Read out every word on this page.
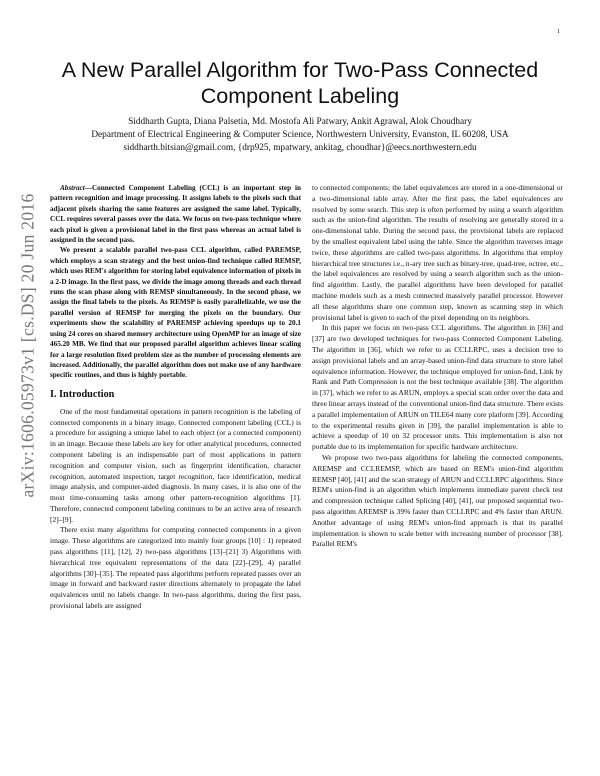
1
arXiv:1606.05973v1 [cs.DS] 20 Jun 2016
A New Parallel Algorithm for Two-Pass Connected Component Labeling
Siddharth Gupta, Diana Palsetia, Md. Mostofa Ali Patwary, Ankit Agrawal, Alok Choudhary
Department of Electrical Engineering & Computer Science, Northwestern University, Evanston, IL 60208, USA
siddharth.bitsian@gmail.com, {drp925, mpatwary, ankitag, choudhar}@eecs.northwestern.edu

Abstract—Connected Component Labeling (CCL) is an important step in pattern recognition and image processing. It assigns labels to the pixels such that adjacent pixels sharing the same features are assigned the same label. Typically, CCL requires several passes over the data. We focus on two-pass technique where each pixel is given a provisional label in the first pass whereas an actual label is assigned in the second pass.

We present a scalable parallel two-pass CCL algorithm, called PAREMSP, which employs a scan strategy and the best union-find technique called REMSP, which uses REM's algorithm for storing label equivalence information of pixels in a 2-D image. In the first pass, we divide the image among threads and each thread runs the scan phase along with REMSP simultaneously. In the second phase, we assign the final labels to the pixels. As REMSP is easily parallelizable, we use the parallel version of REMSP for merging the pixels on the boundary. Our experiments show the scalability of PAREMSP achieving speedups up to 20.1 using 24 cores on shared memory architecture using OpenMP for an image of size 465.20 MB. We find that our proposed parallel algorithm achieves linear scaling for a large resolution fixed problem size as the number of processing elements are increased. Additionally, the parallel algorithm does not make use of any hardware specific routines, and thus is highly portable.

I. Introduction

One of the most fundamental operations in pattern recognition is the labeling of connected components in a binary image. Connected component labeling (CCL) is a procedure for assigning a unique label to each object (or a connected component) in an image. Because these labels are key for other analytical procedures, connected component labeling is an indispensable part of most applications in pattern recognition and computer vision, such as fingerprint identification, character recognition, automated inspection, target recognition, face identification, medical image analysis, and computer-aided diagnosis. In many cases, it is also one of the most time-consuming tasks among other pattern-recognition algorithms [1]. Therefore, connected component labeling continues to be an active area of research [2]–[9].

There exist many algorithms for computing connected components in a given image. These algorithms are categorized into mainly four groups [10] : 1) repeated pass algorithms [11], [12], 2) two-pass algorithms [13]–[21] 3) Algorithms with hierarchical tree equivalent representations of the data [22]–[29], 4) parallel algorithms [30]–[35]. The repeated pass algorithms perform repeated passes over an image in forward and backward raster directions alternately to propagate the label equivalences until no labels change. In two-pass algorithms, during the first pass, provisional labels are assigned

to connected components; the label equivalences are stored in a one-dimensional or a two-dimensional table array. After the first pass, the label equivalences are resolved by some search. This step is often performed by using a search algorithm such as the union-find algorithm. The results of resolving are generally stored in a one-dimensional table. During the second pass, the provisional labels are replaced by the smallest equivalent label using the table. Since the algorithm traverses image twice, these algorithms are called two-pass algorithms. In algorithms that employ hierarchical tree structures i.e., n-ary tree such as binary-tree, quad-tree, octree, etc., the label equivalences are resolved by using a search algorithm such as the union-find algorithm. Lastly, the parallel algorithms have been developed for parallel machine models such as a mesh connected massively parallel processor. However all these algorithms share one common step, known as scanning step in which provisional label is given to each of the pixel depending on its neighbors.

In this paper we focus on two-pass CCL algorithms. The algorithm in [36] and [37] are two developed techniques for two-pass Connected Component Labeling. The algorithm in [36], which we refer to as CCLLRPC, uses a decision tree to assign provisional labels and an array-based union-find data structure to store label equivalence information. However, the technique employed for union-find, Link by Rank and Path Compression is not the best technique available [38]. The algorithm in [37], which we refer to as ARUN, employs a special scan order over the data and three linear arrays instead of the conventional union-find data structure. There exists a parallel implementation of ARUN on TILE64 many core platform [39]. According to the experimental results given in [39], the parallel implementation is able to achieve a speedup of 10 on 32 processor units. This implementation is also not portable due to its implementation for specific hardware architecture.

We propose two two-pass algorithms for labeling the connected components, AREMSP and CCLREMSP, which are based on REM's union-find algorithm REMSP [40], [41] and the scan strategy of ARUN and CCLLRPC algorithms. Since REM's union-find is an algorithm which implements immediate parent check test and compression technique called Splicing [40], [41], our proposed sequential two-pass algorithm AREMSP is 39% faster than CCLLRPC and 4% faster than ARUN. Another advantage of using REM's union-find approach is that its parallel implementation is shown to scale better with increasing number of processor [38]. Parallel REM's
